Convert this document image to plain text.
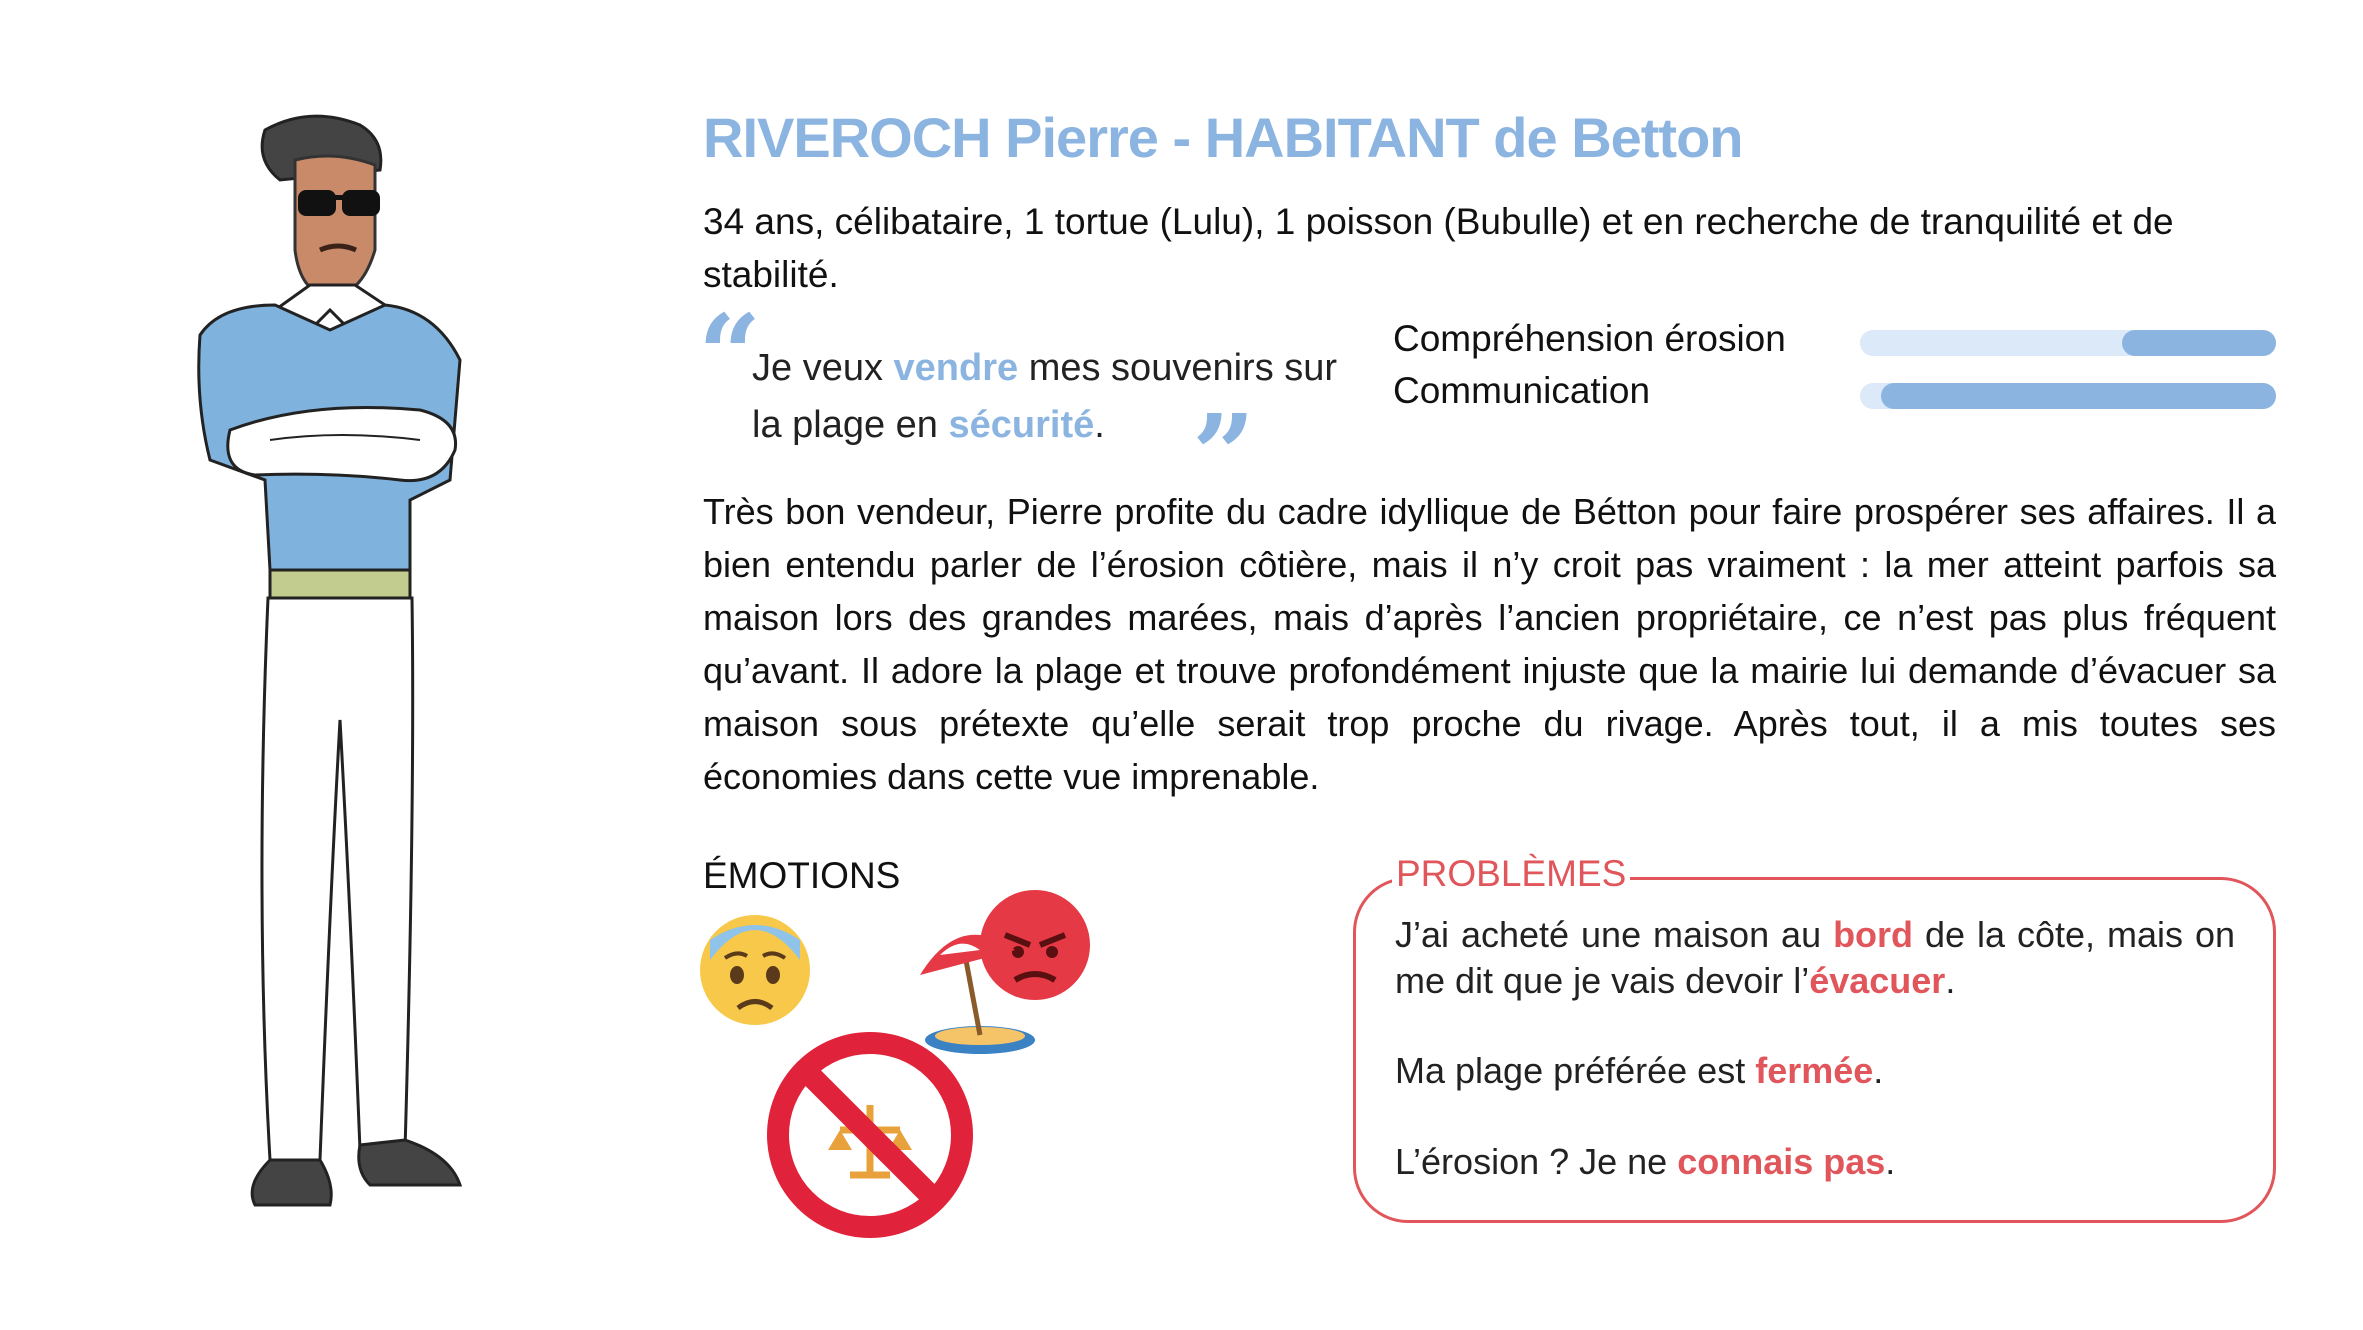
RIVEROCH Pierre - HABITANT de Betton

34 ans, célibataire, 1 tortue (Lulu), 1 poisson (Bubulle) et en recherche de tranquilité et de stabilité.

“

Je veux vendre mes souvenirs sur la plage en sécurité. ”
Compréhension érosion
Communication

Très bon vendeur, Pierre profite du cadre idyllique de Bétton pour faire prospérer ses affaires. Il a bien entendu parler de l’érosion côtière, mais il n’y croit pas vraiment : la mer atteint parfois sa maison lors des grandes marées, mais d’après l’ancien propriétaire, ce n’est pas plus fréquent qu’avant. Il adore la plage et trouve profondément injuste que la mairie lui demande d’évacuer sa maison sous prétexte qu’elle serait trop proche du rivage. Après tout, il a mis toutes ses économies dans cette vue imprenable.

ÉMOTIONS	PROBLÈMES

J’ai acheté une maison au bord de la côte, mais on me dit que je vais devoir l’évacuer.

Ma plage préférée est fermée.

L’érosion ? Je ne connais pas.
